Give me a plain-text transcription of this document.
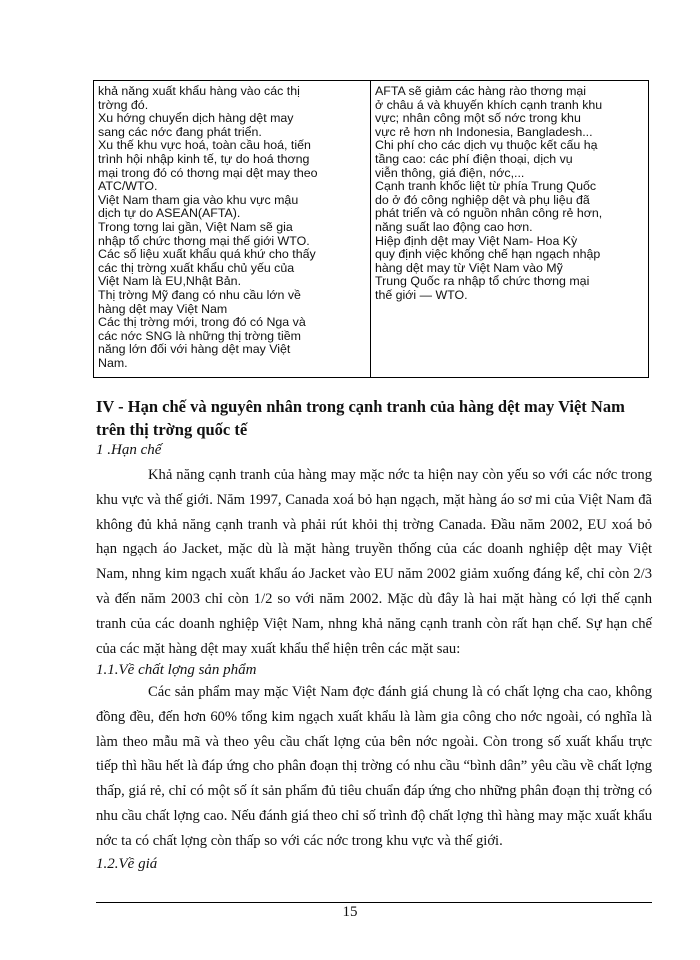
khả năng xuất khẩu hàng vào các thị
trờng đó.

Xu hớng chuyển dịch hàng dệt may
sang các nớc đang phát triển.

Xu thế khu vực hoá, toàn cầu hoá, tiến
trình hội nhập kinh tế, tự do hoá thơng
mại trong đó có thơng mại dệt may theo
ATC/WTO.

Việt Nam tham gia vào khu vực mậu
dịch tự do ASEAN(AFTA).

Trong tơng lai gần, Việt Nam sẽ gia
nhập tổ chức thơng mại thế giới WTO.

Các số liệu xuất khẩu quá khứ cho thấy
các thị trờng xuất khẩu chủ yếu của
Việt Nam là EU,Nhật Bản.

Thị trờng Mỹ đang có nhu cầu lớn về
hàng dệt may Việt Nam

Các thị trờng mới, trong đó có Nga và
các nớc SNG là những thị trờng tiềm
năng lớn đối với hàng dệt may Việt
Nam.

AFTA sẽ giảm các hàng rào thơng mại
ở châu á và khuyến khích cạnh tranh khu
vực; nhân công một số nớc trong khu
vực rẻ hơn nh Indonesia, Bangladesh...

Chi phí cho các dịch vụ thuộc kết cấu hạ
tầng cao: các phí điện thoại, dịch vụ
viễn thông, giá điện, nớc,...

Cạnh tranh khốc liệt từ phía Trung Quốc
do ở đó công nghiệp dệt và phụ liệu đã
phát triển và có nguồn nhân công rẻ hơn,
năng suất lao động cao hơn.

Hiệp định dệt may Việt Nam- Hoa Kỳ
quy định việc khống chế hạn ngạch nhập
hàng dệt may từ Việt Nam vào Mỹ

Trung Quốc ra nhập tổ chức thơng mại
thế giới — WTO.

IV - Hạn chế và nguyên nhân trong cạnh tranh của hàng dệt may Việt Nam trên thị trờng quốc tế
1 .Hạn chế

Khả năng cạnh tranh của hàng may mặc nớc ta hiện nay còn yếu so với các nớc trong khu vực và thế giới. Năm 1997, Canada xoá bỏ hạn ngạch, mặt hàng áo sơ mi của Việt Nam đã không đủ khả năng cạnh tranh và phải rút khỏi thị trờng Canada. Đầu năm 2002, EU xoá bỏ hạn ngạch áo Jacket, mặc dù là mặt hàng truyền thống của các doanh nghiệp dệt may Việt Nam, nhng kim ngạch xuất khẩu áo Jacket vào EU năm 2002 giảm xuống đáng kể, chỉ còn 2/3 và đến năm 2003 chỉ còn 1/2 so với năm 2002. Mặc dù đây là hai mặt hàng có lợi thế cạnh tranh của các doanh nghiệp Việt Nam, nhng khả năng cạnh tranh còn rất hạn chế. Sự hạn chế của các mặt hàng dệt may xuất khẩu thể hiện trên các mặt sau:

1.1.Về chất lợng sản phẩm

Các sản phẩm may mặc Việt Nam đợc đánh giá chung là có chất lợng cha cao, không đồng đều, đến hơn 60% tổng kim ngạch xuất khẩu là làm gia công cho nớc ngoài, có nghĩa là làm theo mẫu mã và theo yêu cầu chất lợng của bên nớc ngoài. Còn trong số xuất khẩu trực tiếp thì hầu hết là đáp ứng cho phân đoạn thị trờng có nhu cầu “bình dân” yêu cầu về chất lợng thấp, giá rẻ, chỉ có một số ít sản phẩm đủ tiêu chuẩn đáp ứng cho những phân đoạn thị trờng có nhu cầu chất lợng cao. Nếu đánh giá theo chỉ số trình độ chất lợng thì hàng may mặc xuất khẩu nớc ta có chất lợng còn thấp so với các nớc trong khu vực và thế giới.

1.2.Về giá
15
